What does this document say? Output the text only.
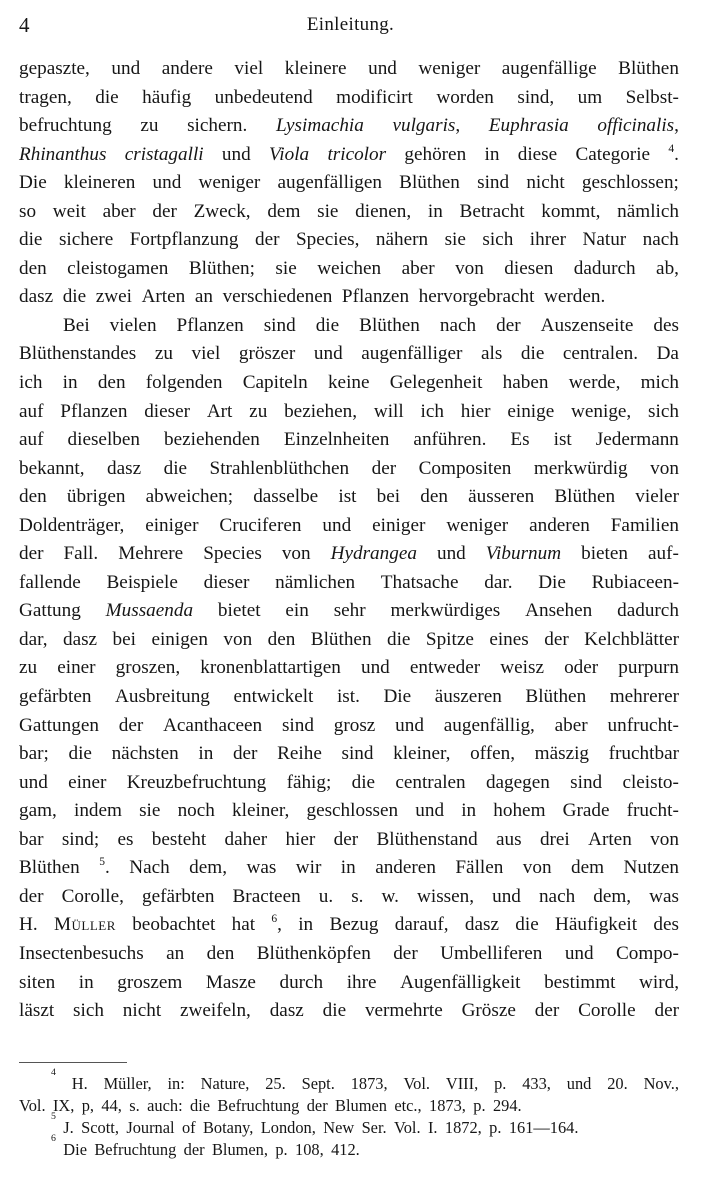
4	Einleitung.
gepaszte, und andere viel kleinere und weniger augenfällige Blüthen
tragen, die häufig unbedeutend modificirt worden sind, um Selbst-
befruchtung zu sichern. Lysimachia vulgaris, Euphrasia officinalis,
Rhinanthus cristagalli und Viola tricolor gehören in diese Categorie $^4$.
Die kleineren und weniger augenfälligen Blüthen sind nicht geschlossen;
so weit aber der Zweck, dem sie dienen, in Betracht kommt, nämlich
die sichere Fortpflanzung der Species, nähern sie sich ihrer Natur nach
den cleistogamen Blüthen; sie weichen aber von diesen dadurch ab,
dasz die zwei Arten an verschiedenen Pflanzen hervorgebracht werden.
Bei vielen Pflanzen sind die Blüthen nach der Auszenseite des
Blüthenstandes zu viel gröszer und augenfälliger als die centralen. Da
ich in den folgenden Capiteln keine Gelegenheit haben werde, mich
auf Pflanzen dieser Art zu beziehen, will ich hier einige wenige, sich
auf dieselben beziehenden Einzelnheiten anführen. Es ist Jedermann
bekannt, dasz die Strahlenblüthchen der Compositen merkwürdig von
den übrigen abweichen; dasselbe ist bei den äusseren Blüthen vieler
Doldenträger, einiger Cruciferen und einiger weniger anderen Familien
der Fall. Mehrere Species von Hydrangea und Viburnum bieten auf-
fallende Beispiele dieser nämlichen Thatsache dar. Die Rubiaceen-
Gattung Mussaenda bietet ein sehr merkwürdiges Ansehen dadurch
dar, dasz bei einigen von den Blüthen die Spitze eines der Kelchblätter
zu einer groszen, kronenblattartigen und entweder weisz oder purpurn
gefärbten Ausbreitung entwickelt ist. Die äuszeren Blüthen mehrerer
Gattungen der Acanthaceen sind grosz und augenfällig, aber unfrucht-
bar; die nächsten in der Reihe sind kleiner, offen, mäszig fruchtbar
und einer Kreuzbefruchtung fähig; die centralen dagegen sind cleisto-
gam, indem sie noch kleiner, geschlossen und in hohem Grade frucht-
bar sind; es besteht daher hier der Blüthenstand aus drei Arten von
Blüthen $^5$. Nach dem, was wir in anderen Fällen von dem Nutzen
der Corolle, gefärbten Bracteen u. s. w. wissen, und nach dem, was
H. Müller beobachtet hat $^6$, in Bezug darauf, dasz die Häufigkeit des
Insectenbesuchs an den Blüthenköpfen der Umbelliferen und Compo-
siten in groszem Masze durch ihre Augenfälligkeit bestimmt wird,
läszt sich nicht zweifeln, dasz die vermehrte Grösze der Corolle der
4
H. Müller, in: Nature, 25. Sept. 1873, Vol. VIII, p. 433, und 20. Nov.,
Vol. IX, p, 44, s. auch: die Befruchtung der Blumen etc., 1873, p. 294.
5
J. Scott, Journal of Botany, London, New Ser. Vol. I. 1872, p. 161—164.
6
Die Befruchtung der Blumen, p. 108, 412.
